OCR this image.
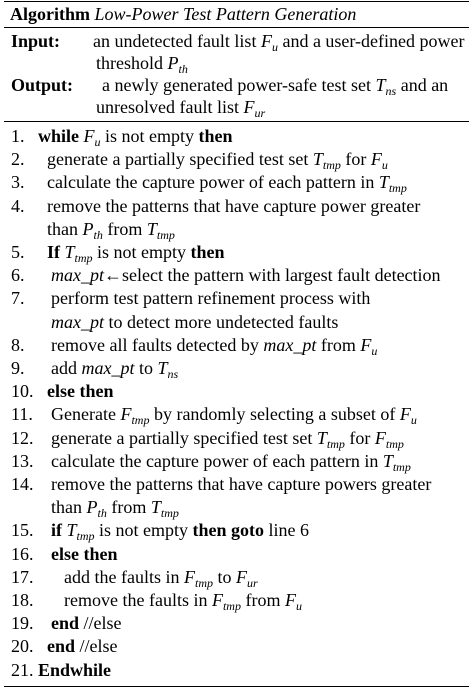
Algorithm Low-Power Test Pattern Generation
Input:	an undetected fault list $F_u$ and a user-defined power
threshold $P_{th}$
Output:	a newly generated power-safe test set $T_{ns}$ and an
unresolved fault list $F_{ur}$
1. while $F_u$ is not empty then
2.	generate a partially specified test set $T_{tmp}$ for $F_u$
3.	calculate the capture power of each pattern in $T_{tmp}$
4.	remove the patterns that have capture power greater
than $P_{th}$ from $T_{tmp}$
5.	If $T_{tmp}$ is not empty then
6.	max_pt←select the pattern with largest fault detection
7.	perform test pattern refinement process with
max_pt to detect more undetected faults
8.	remove all faults detected by max_pt from $F_u$
9.	add max_pt to $T_{ns}$
10. else then
11.	Generate $F_{tmp}$ by randomly selecting a subset of $F_u$
12. generate a partially specified test set $T_{tmp}$ for $F_{tmp}$
13. calculate the capture power of each pattern in $T_{tmp}$
14. remove the patterns that have capture powers greater
than $P_{th}$ from $T_{tmp}$
15. if $T_{tmp}$ is not empty then goto line 6
16. else then
17.	add the faults in $F_{tmp}$ to $F_{ur}$
18.	remove the faults in $F_{tmp}$ from $F_u$
19. end //else
20. end //else
21. Endwhile
